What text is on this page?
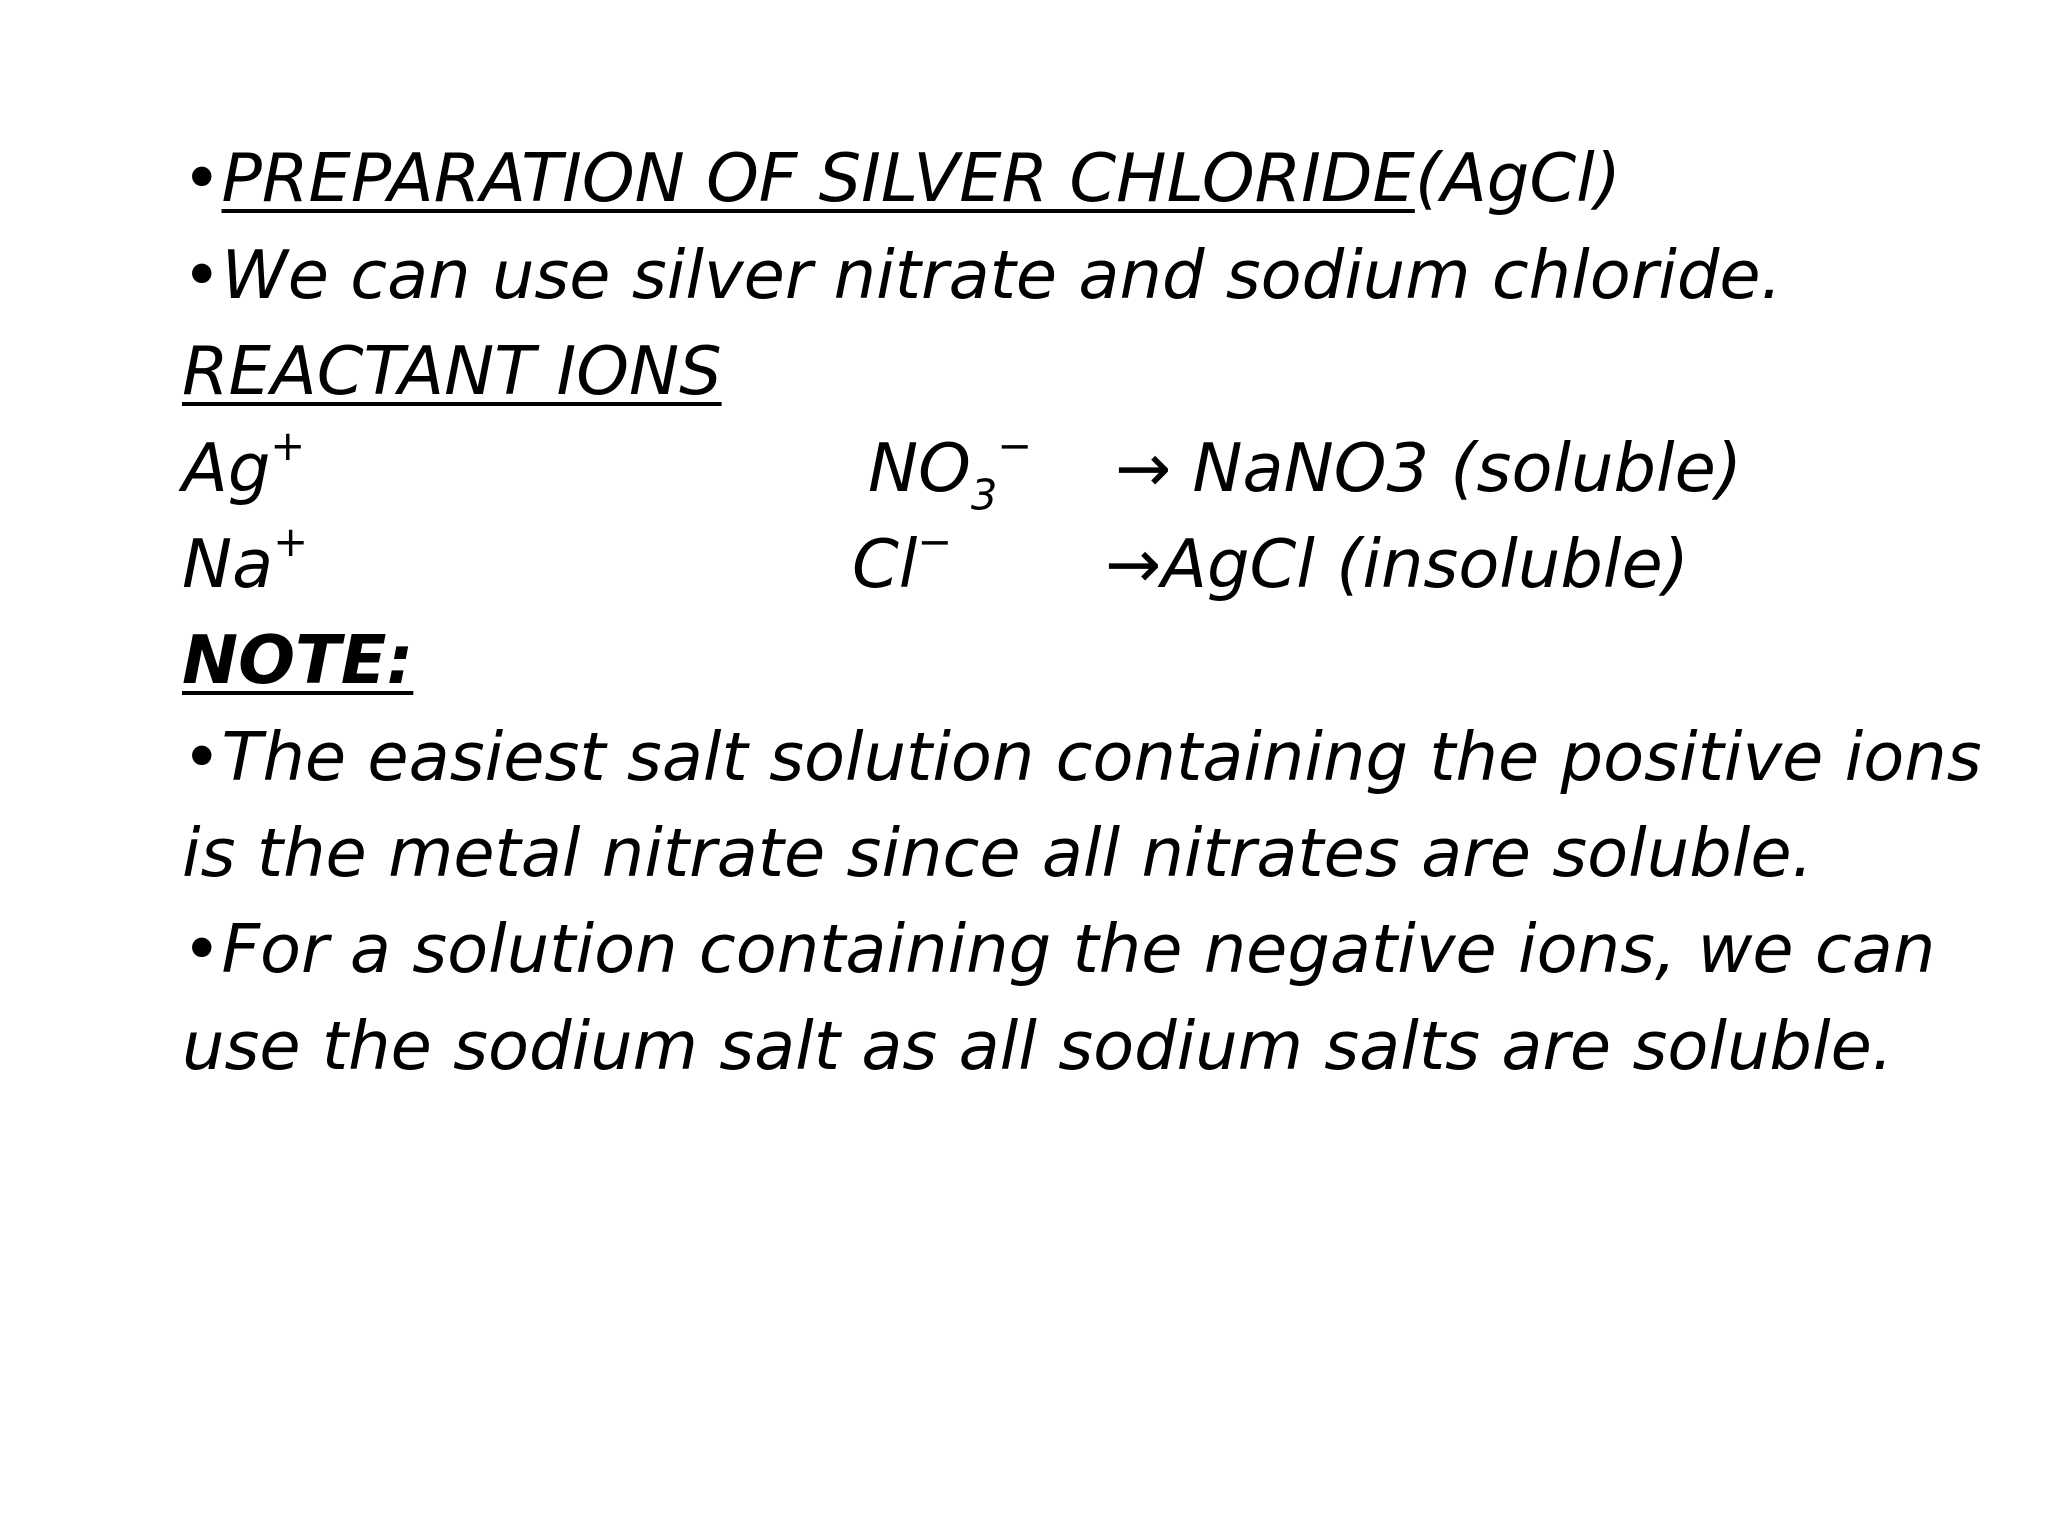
•PREPARATION OF SILVER CHLORIDE(AgCl)
•We can use silver nitrate and sodium chloride.
REACTANT IONS
Ag+	$NO_3^-$ → NaNO3 (soluble)
Na+	Cl− →AgCl (insoluble)
NOTE:
•The easiest salt solution containing the positive ions
is the metal nitrate since all nitrates are soluble.
•For a solution containing the negative ions, we can
use the sodium salt as all sodium salts are soluble.
